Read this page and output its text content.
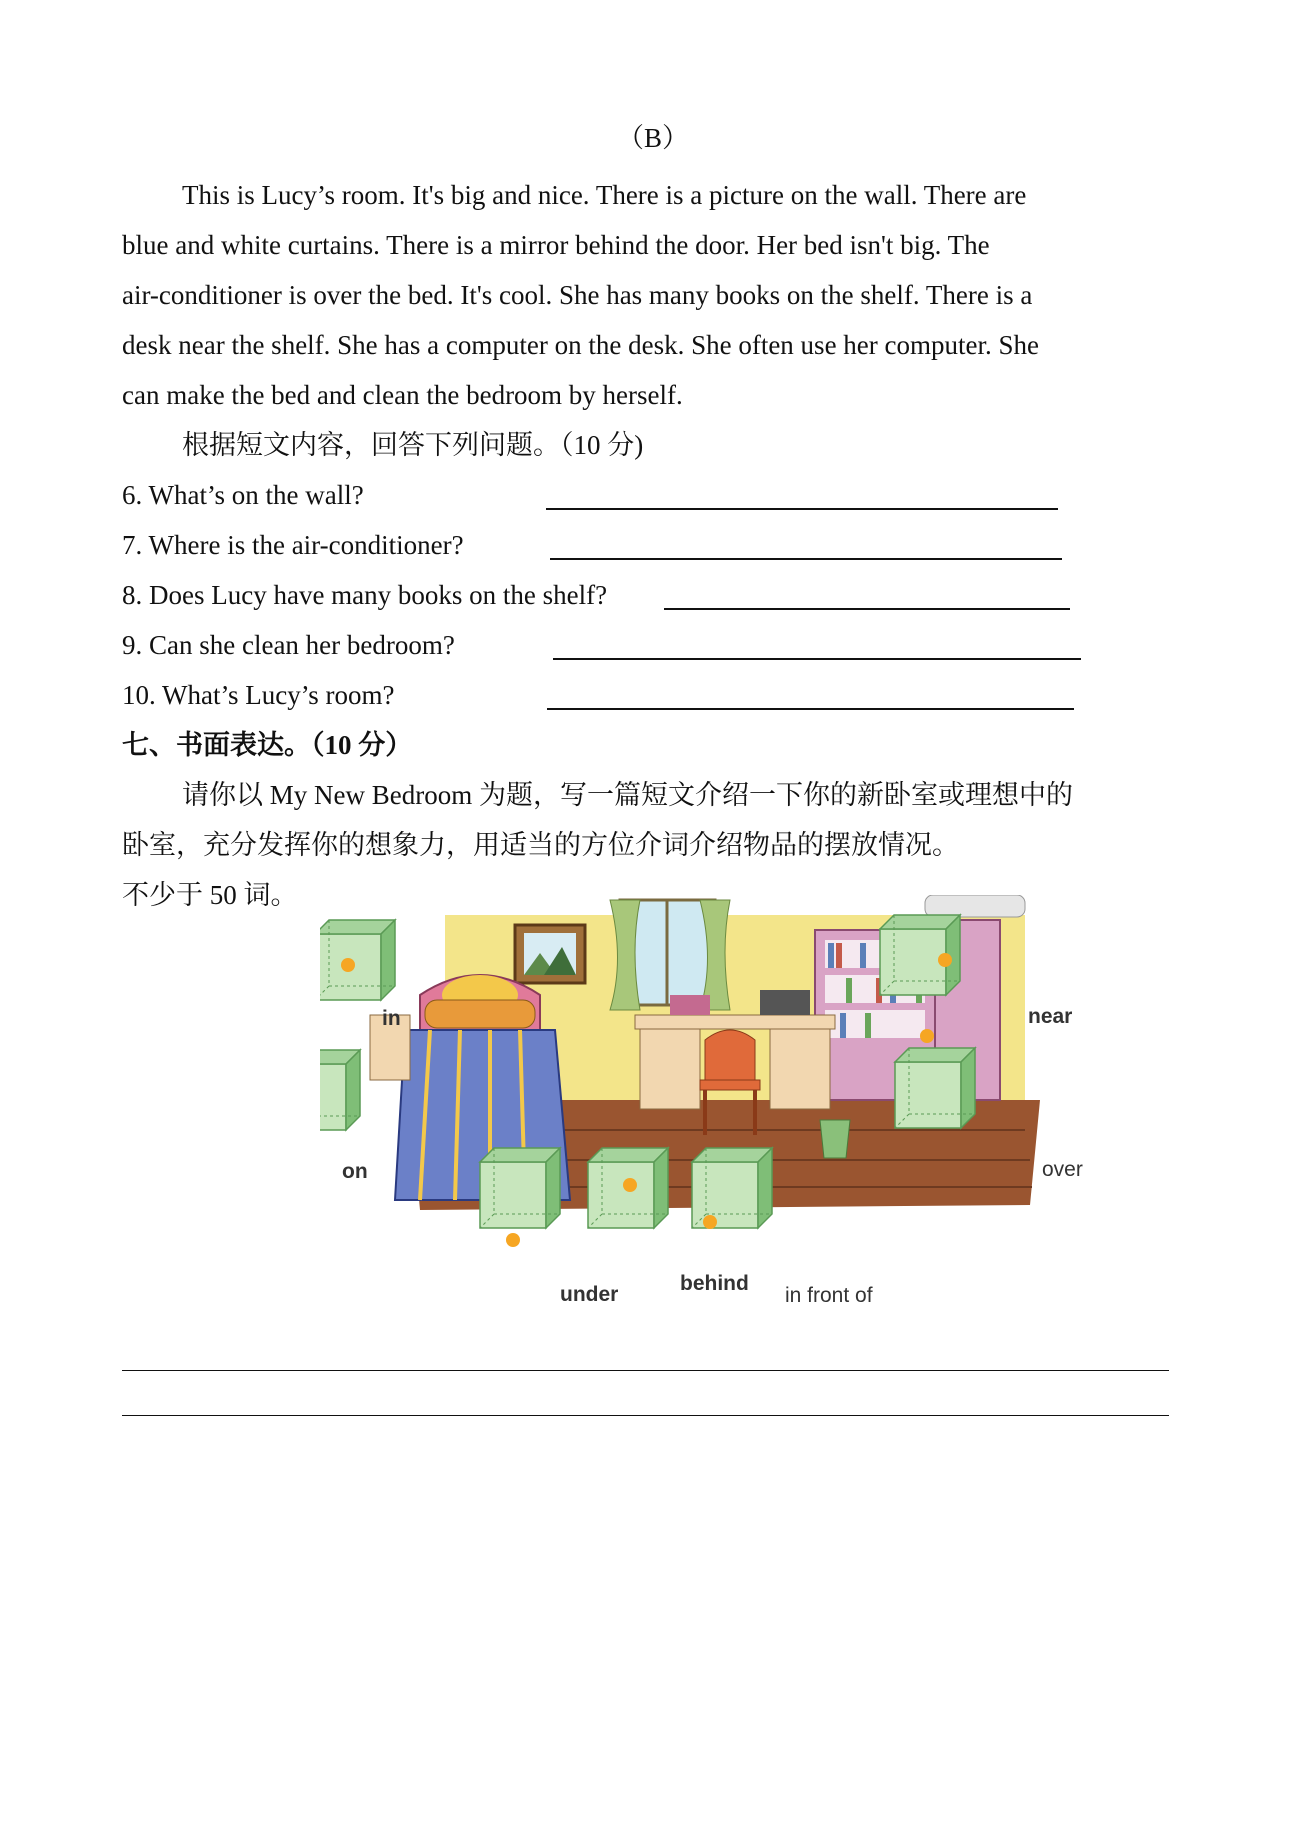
（B）
This is Lucy’s room. It's big and nice. There is a picture on the wall. There are
blue and white curtains. There is a mirror behind the door. Her bed isn't big. The
air-conditioner is over the bed. It's cool. She has many books on the shelf. There is a
desk near the shelf. She has a computer on the desk. She often use her computer. She
can make the bed and clean the bedroom by herself.
根据短文内容，回答下列问题。（10 分)
6. What’s on the wall?
7. Where is the air-conditioner?
8. Does Lucy have many books on the shelf?
9. Can she clean her bedroom?
10. What’s Lucy’s room?
七、书面表达。（10 分）
请你以 My New Bedroom 为题，写一篇短文介绍一下你的新卧室或理想中的
卧室，充分发挥你的想象力，用适当的方位介词介绍物品的摆放情况。
不少于 50 词。
in
on
under	behind
in front of
near
over
